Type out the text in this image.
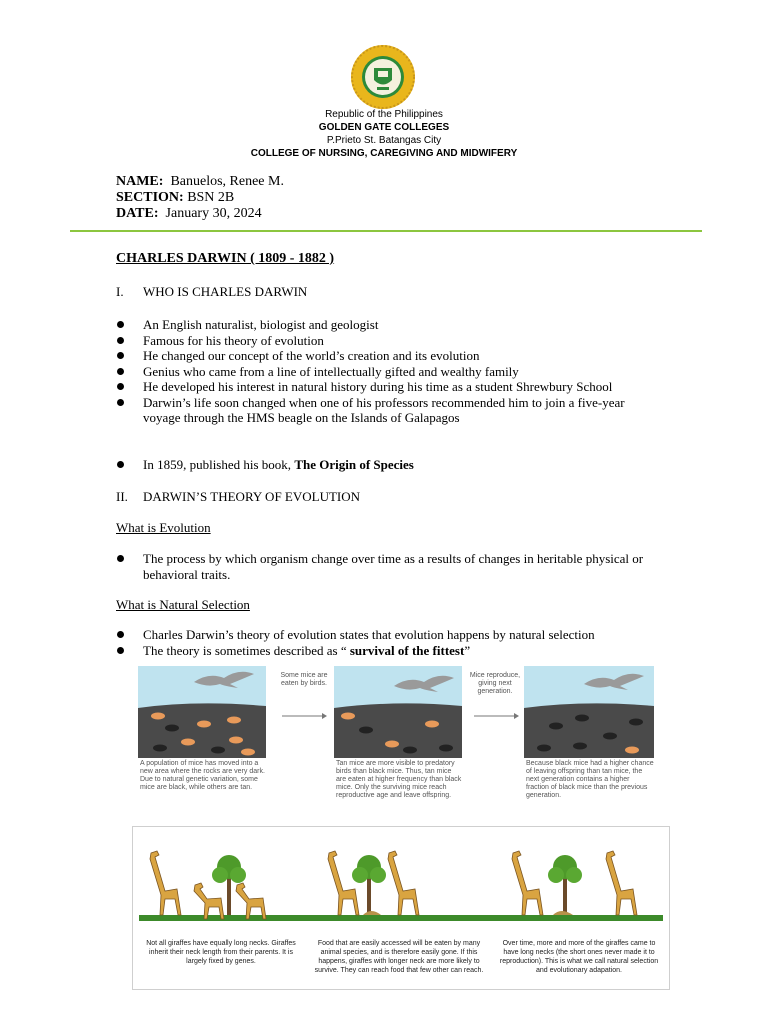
Republic of the Philippines
GOLDEN GATE COLLEGES
P.Prieto St. Batangas City
COLLEGE OF NURSING, CAREGIVING AND MIDWIFERY
NAME: Banuelos, Renee M.
SECTION: BSN 2B
DATE: January 30, 2024
CHARLES DARWIN ( 1809 - 1882 )
I. WHO IS CHARLES DARWIN
An English naturalist, biologist and geologist
Famous for his theory of evolution
He changed our concept of the world’s creation and its evolution
Genius who came from a line of intellectually gifted and wealthy family
He developed his interest in natural history during his time as a student Shrewbury School
Darwin’s life soon changed when one of his professors recommended him to join a five-year voyage through the HMS beagle on the Islands of Galapagos
In 1859, published his book, The Origin of Species
II. DARWIN’S THEORY OF EVOLUTION
What is Evolution
The process by which organism change over time as a results of changes in heritable physical or behavioral traits.
What is Natural Selection
Charles Darwin’s theory of evolution states that evolution happens by natural selection
The theory is sometimes described as “ survival of the fittest”
Some mice are eaten by birds.
Mice reproduce, giving next generation.
A population of mice has moved into a new area where the rocks are very dark. Due to natural genetic variation, some mice are black, while others are tan.
Tan mice are more visible to predatory birds than black mice. Thus, tan mice are eaten at higher frequency than black mice. Only the surviving mice reach reproductive age and leave offspring.
Because black mice had a higher chance of leaving offspring than tan mice, the next generation contains a higher fraction of black mice than the previous generation.
Not all giraffes have equally long necks. Giraffes inherit their neck length from their parents. It is largely fixed by genes.
Food that are easily accessed will be eaten by many animal species, and is therefore easily gone. If this happens, giraffes with longer neck are more likely to survive. They can reach food that few other can reach.
Over time, more and more of the giraffes came to have long necks (the short ones never made it to reproduction). This is what we call natural selection and evolutionary adapation.
